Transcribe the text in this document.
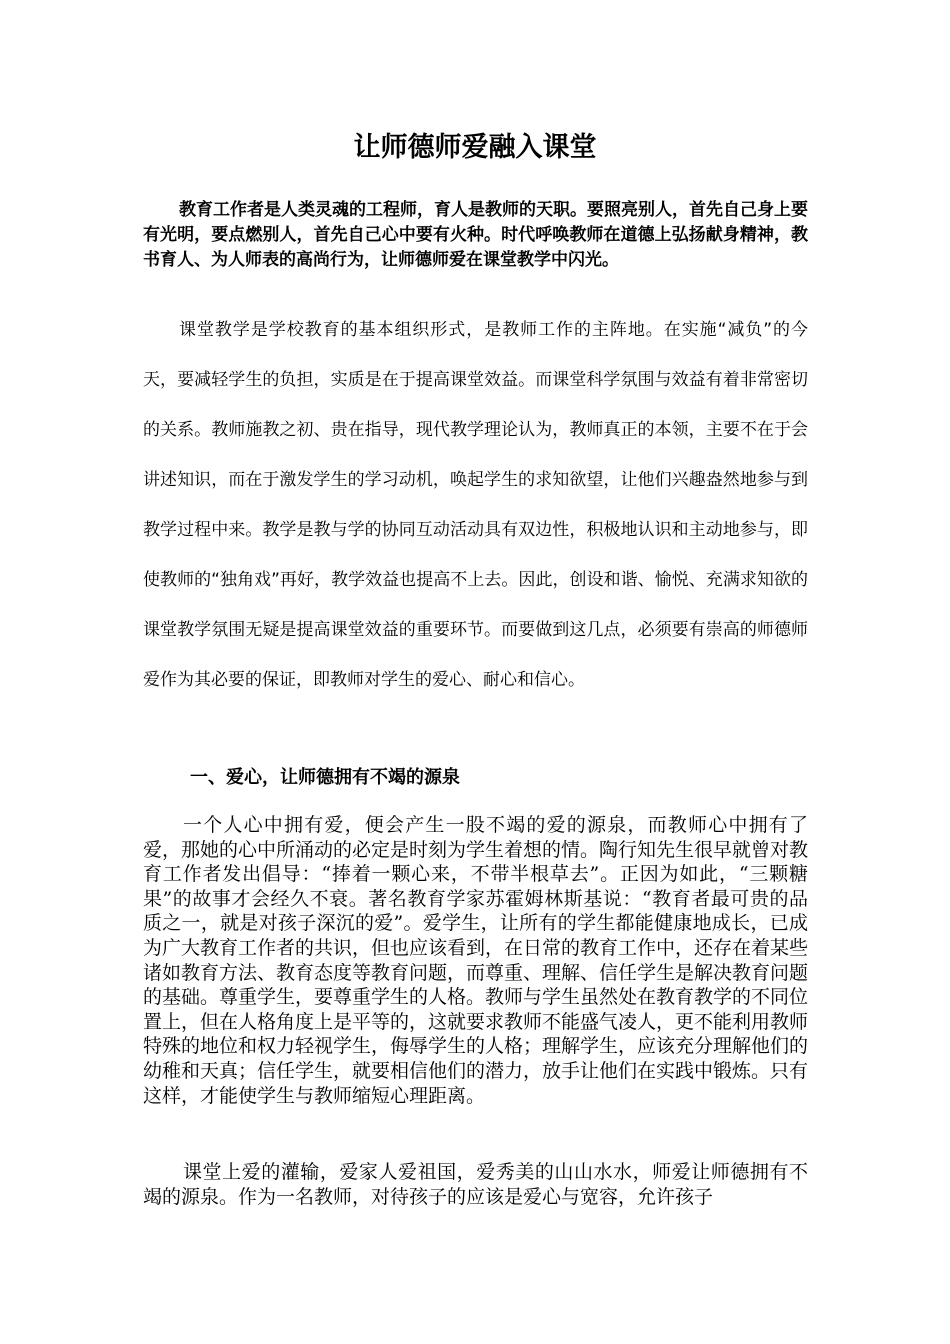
让师德师爱融入课堂

教育工作者是人类灵魂的工程师，育人是教师的天职。要照亮别人，首先自己身上要有光明，要点燃别人，首先自己心中要有火种。时代呼唤教师在道德上弘扬献身精神，教书育人、为人师表的高尚行为，让师德师爱在课堂教学中闪光。

课堂教学是学校教育的基本组织形式，是教师工作的主阵地。在实施“减负”的今天，要减轻学生的负担，实质是在于提高课堂效益。而课堂科学氛围与效益有着非常密切的关系。教师施教之初、贵在指导，现代教学理论认为，教师真正的本领，主要不在于会讲述知识，而在于激发学生的学习动机，唤起学生的求知欲望，让他们兴趣盎然地参与到教学过程中来。教学是教与学的协同互动活动具有双边性，积极地认识和主动地参与，即使教师的“独角戏”再好，教学效益也提高不上去。因此，创设和谐、愉悦、充满求知欲的课堂教学氛围无疑是提高课堂效益的重要环节。而要做到这几点，必须要有崇高的师德师爱作为其必要的保证，即教师对学生的爱心、耐心和信心。

一、爱心，让师德拥有不竭的源泉

一个人心中拥有爱，便会产生一股不竭的爱的源泉，而教师心中拥有了爱，那她的心中所涌动的必定是时刻为学生着想的情。陶行知先生很早就曾对教育工作者发出倡导：“捧着一颗心来，不带半根草去”。正因为如此，“三颗糖果”的故事才会经久不衰。著名教育学家苏霍姆林斯基说：“教育者最可贵的品质之一，就是对孩子深沉的爱”。爱学生，让所有的学生都能健康地成长，已成为广大教育工作者的共识，但也应该看到，在日常的教育工作中，还存在着某些诸如教育方法、教育态度等教育问题，而尊重、理解、信任学生是解决教育问题的基础。尊重学生，要尊重学生的人格。教师与学生虽然处在教育教学的不同位置上，但在人格角度上是平等的，这就要求教师不能盛气凌人，更不能利用教师特殊的地位和权力轻视学生，侮辱学生的人格；理解学生，应该充分理解他们的幼稚和天真；信任学生，就要相信他们的潜力，放手让他们在实践中锻炼。只有这样，才能使学生与教师缩短心理距离。

课堂上爱的灌输，爱家人爱祖国，爱秀美的山山水水，师爱让师德拥有不竭的源泉。作为一名教师，对待孩子的应该是爱心与宽容，允许孩子
